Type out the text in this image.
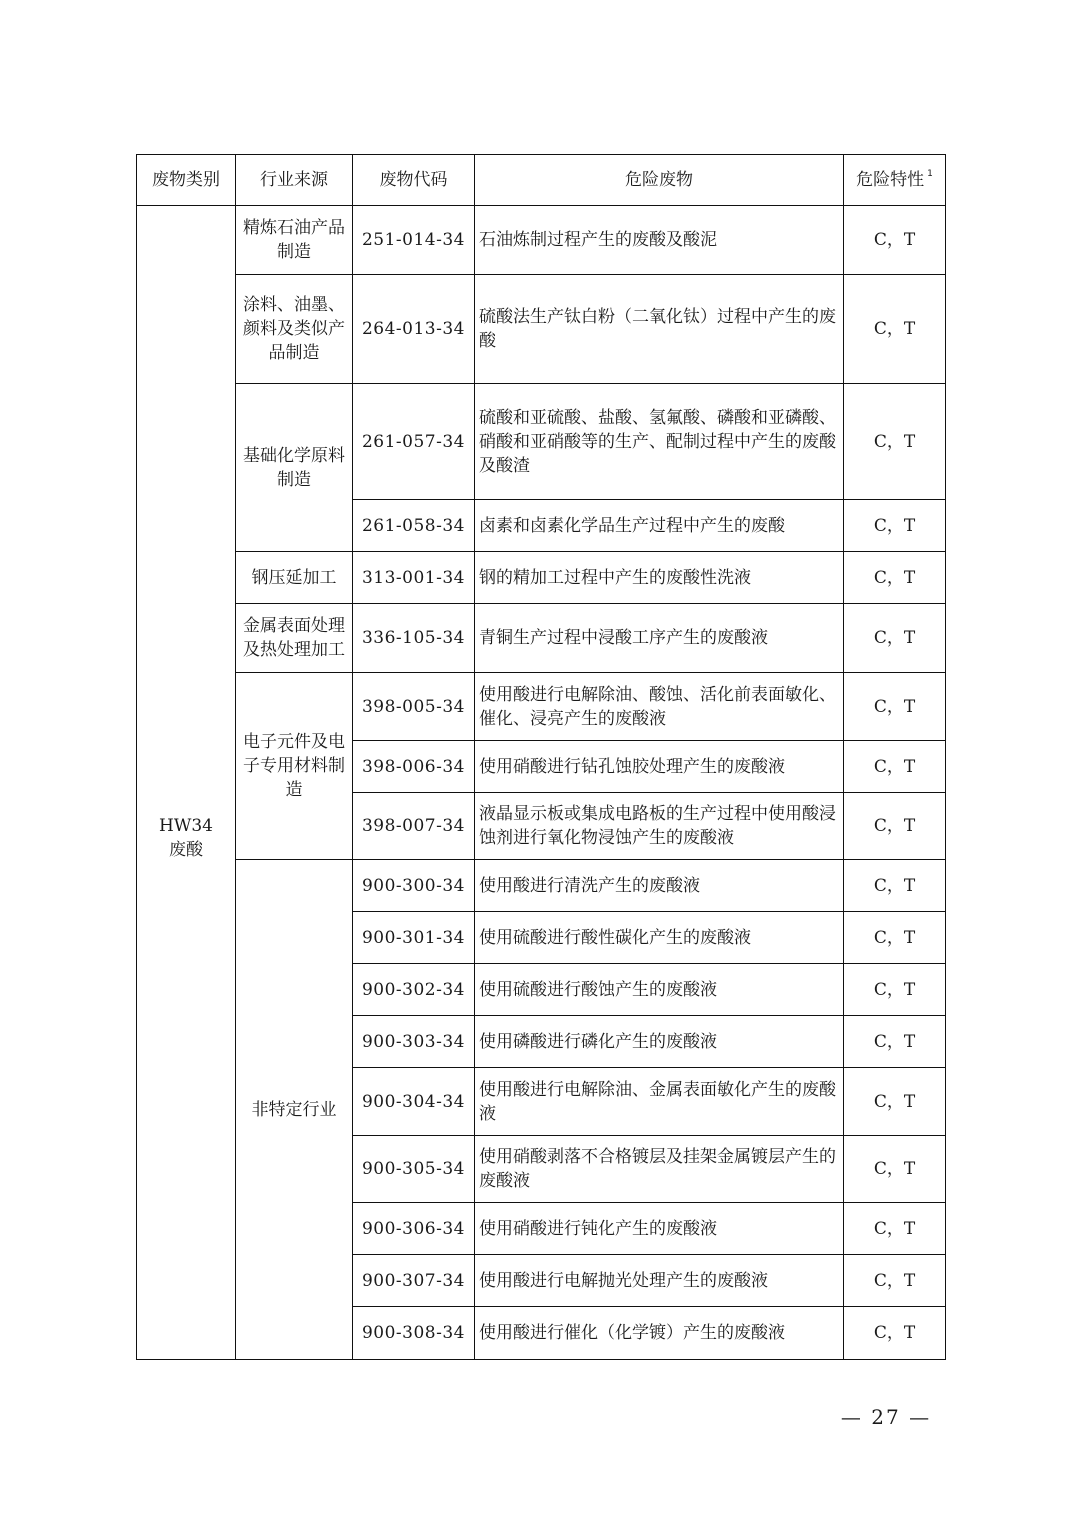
废物类别	行业来源	废物代码	危险废物	危险特性 $^1$
HW34
废酸	精炼石油产品制造	251-014-34	石油炼制过程产生的废酸及酸泥	C，T
	涂料、油墨、颜料及类似产品制造	264-013-34	硫酸法生产钛白粉（二氧化钛）过程中产生的废酸	C，T
	基础化学原料制造	261-057-34	硫酸和亚硫酸、盐酸、氢氟酸、磷酸和亚磷酸、硝酸和亚硝酸等的生产、配制过程中产生的废酸及酸渣	C，T
		261-058-34	卤素和卤素化学品生产过程中产生的废酸	C，T
	钢压延加工	313-001-34	钢的精加工过程中产生的废酸性洗液	C，T
	金属表面处理及热处理加工	336-105-34	青铜生产过程中浸酸工序产生的废酸液	C，T
	电子元件及电子专用材料制造	398-005-34	使用酸进行电解除油、酸蚀、活化前表面敏化、催化、浸亮产生的废酸液	C，T
		398-006-34	使用硝酸进行钻孔蚀胶处理产生的废酸液	C，T
		398-007-34	液晶显示板或集成电路板的生产过程中使用酸浸蚀剂进行氧化物浸蚀产生的废酸液	C，T
	非特定行业	900-300-34	使用酸进行清洗产生的废酸液	C，T
		900-301-34	使用硫酸进行酸性碳化产生的废酸液	C，T
		900-302-34	使用硫酸进行酸蚀产生的废酸液	C，T
		900-303-34	使用磷酸进行磷化产生的废酸液	C，T
		900-304-34	使用酸进行电解除油、金属表面敏化产生的废酸液	C，T
		900-305-34	使用硝酸剥落不合格镀层及挂架金属镀层产生的废酸液	C，T
		900-306-34	使用硝酸进行钝化产生的废酸液	C，T
		900-307-34	使用酸进行电解抛光处理产生的废酸液	C，T
		900-308-34	使用酸进行催化（化学镀）产生的废酸液	C，T
— 27 —
